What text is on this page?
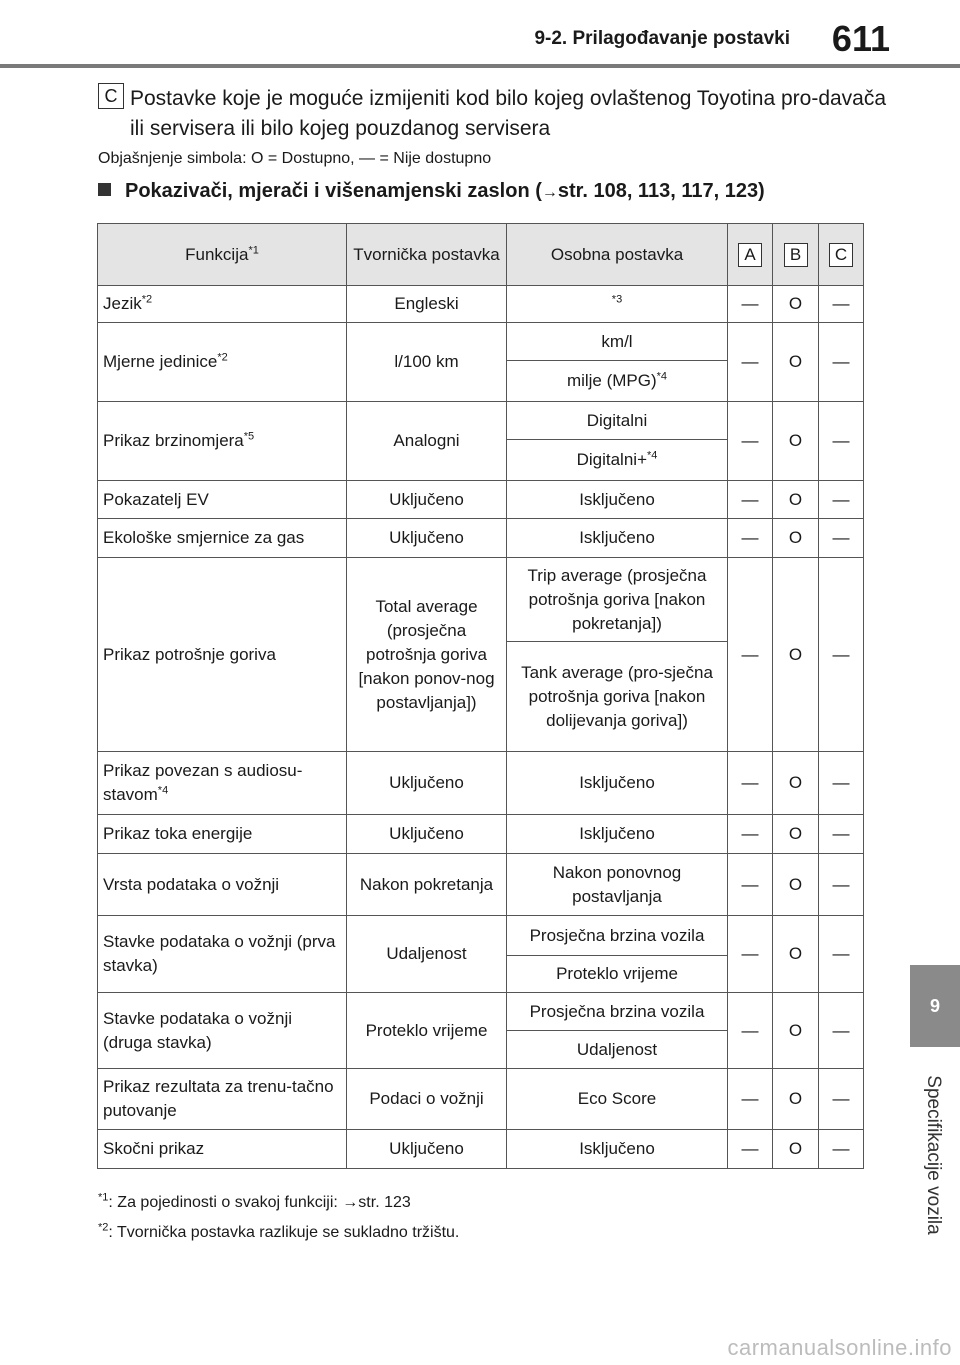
9-2. Prilagođavanje postavki 611
9
Specifikacije vozila
C Postavke koje je moguće izmijeniti kod bilo kojeg ovlaštenog Toyotina pro-davača ili servisera ili bilo kojeg pouzdanog servisera
Objašnjenje simbola: O = Dostupno, — = Nije dostupno
Pokazivači, mjerači i višenamjenski zaslon (→str. 108, 113, 117, 123)
Funkcija$^{*1}$	Tvornička postavka	Osobna postavka	A	B	C
Jezik$^{*2}$	Engleski	$^{*3}$	—	O	—
Mjerne jedinice$^{*2}$	l/100 km	km/l	—	O	—
		milje (MPG)$^{*4}$
Prikaz brzinomjera$^{*5}$	Analogni	Digitalni	—	O	—
		Digitalni+$^{*4}$
Pokazatelj EV	Uključeno	Isključeno	—	O	—
Ekološke smjernice za gas	Uključeno	Isključeno	—	O	—
Prikaz potrošnje goriva	Total average (prosječna potrošnja goriva [nakon ponov-nog postavljanja])	Trip average (prosječna potrošnja goriva [nakon pokretanja])	—	O	—
		Tank average (pro-sječna potrošnja goriva [nakon dolijevanja goriva])			
Prikaz povezan s audiosu-stavom$^{*4}$	Uključeno	Isključeno	—	O	—
Prikaz toka energije	Uključeno	Isključeno	—	O	—
Vrsta podataka o vožnji	Nakon pokretanja	Nakon ponovnog postavljanja	—	O	—
Stavke podataka o vožnji (prva stavka)	Udaljenost	Prosječna brzina vozila	—	O	—
		Proteklo vrijeme			
Stavke podataka o vožnji (druga stavka)	Proteklo vrijeme	Prosječna brzina vozila	—	O	—
		Udaljenost			
Prikaz rezultata za trenu-tačno putovanje	Podaci o vožnji	Eco Score	—	O	—
Skočni prikaz	Uključeno	Isključeno	—	O	—
$^{*1}$: Za pojedinosti o svakoj funkciji: →str. 123
$^{*2}$: Tvornička postavka razlikuje se sukladno tržištu.
carmanualsonline.info
